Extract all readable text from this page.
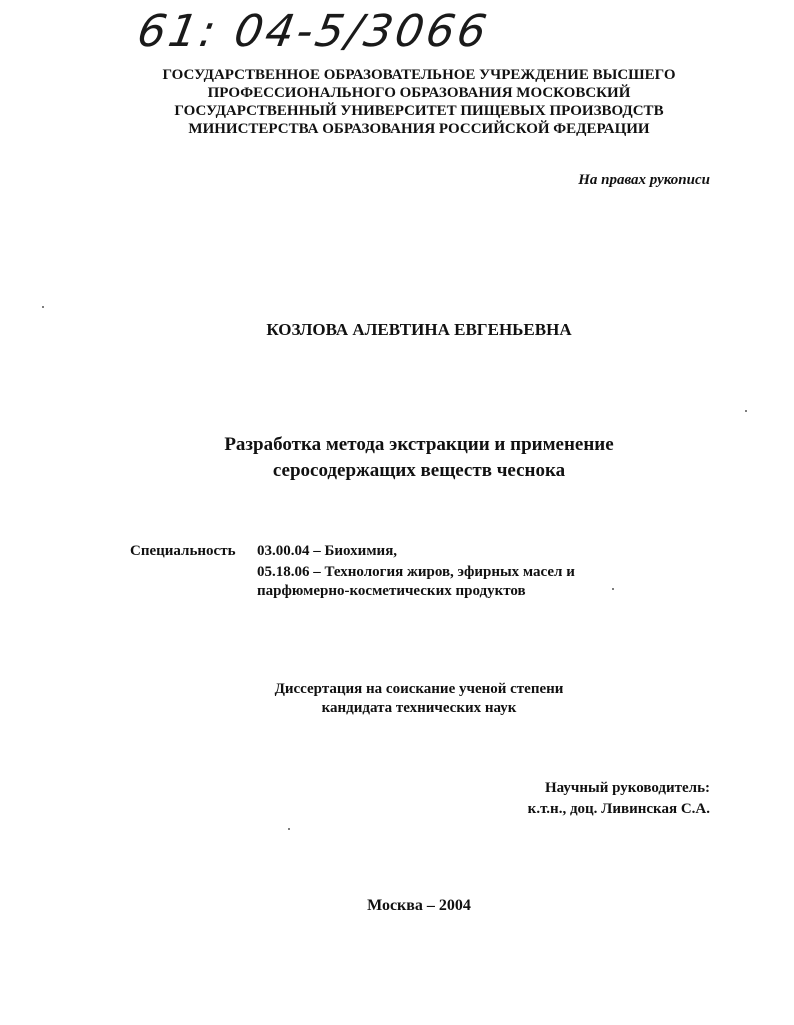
61: 04-5/3066
ГОСУДАРСТВЕННОЕ ОБРАЗОВАТЕЛЬНОЕ УЧРЕЖДЕНИЕ ВЫСШЕГО
ПРОФЕССИОНАЛЬНОГО ОБРАЗОВАНИЯ МОСКОВСКИЙ
ГОСУДАРСТВЕННЫЙ УНИВЕРСИТЕТ ПИЩЕВЫХ ПРОИЗВОДСТВ
МИНИСТЕРСТВА ОБРАЗОВАНИЯ РОССИЙСКОЙ ФЕДЕРАЦИИ
На правах рукописи
КОЗЛОВА АЛЕВТИНА ЕВГЕНЬЕВНА
Разработка метода экстракции и применение
серосодержащих веществ чеснока
Специальность 03.00.04 – Биохимия,
05.18.06 – Технология жиров, эфирных масел и
парфюмерно-косметических продуктов
Диссертация на соискание ученой степени
кандидата технических наук
Научный руководитель:
к.т.н., доц. Ливинская С.А.
Москва – 2004
